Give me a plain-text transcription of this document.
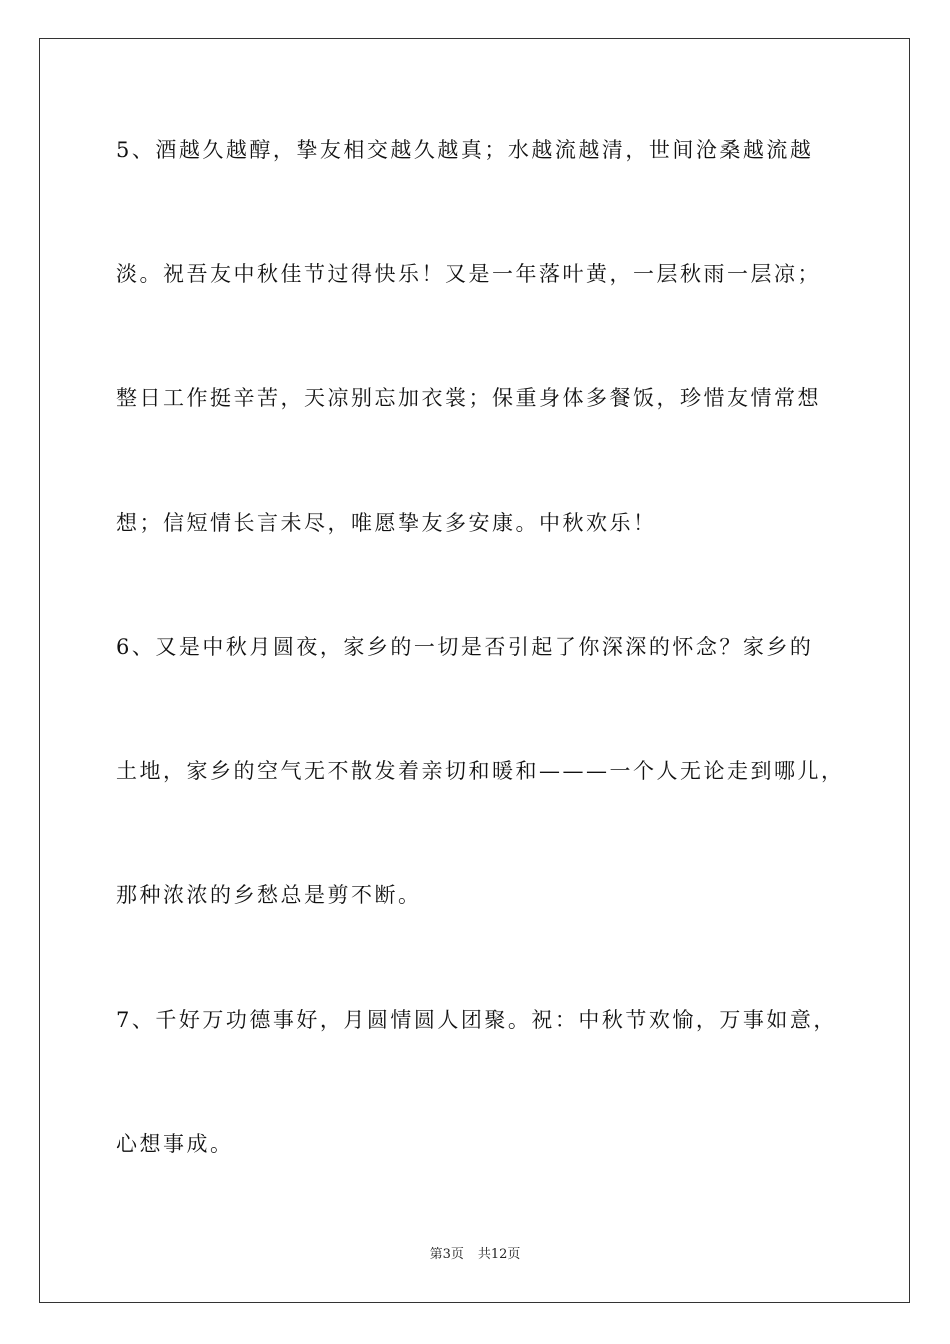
5、酒越久越醇，挚友相交越久越真；水越流越清，世间沧桑越流越
淡。祝吾友中秋佳节过得快乐！又是一年落叶黄，一层秋雨一层凉；
整日工作挺辛苦，天凉别忘加衣裳；保重身体多餐饭，珍惜友情常想
想；信短情长言未尽，唯愿挚友多安康。中秋欢乐！
6、又是中秋月圆夜，家乡的一切是否引起了你深深的怀念？家乡的
土地，家乡的空气无不散发着亲切和暖和———一个人无论走到哪儿，
那种浓浓的乡愁总是剪不断。
7、千好万功德事好，月圆情圆人团聚。祝：中秋节欢愉，万事如意，
心想事成。
第3页 共12页
